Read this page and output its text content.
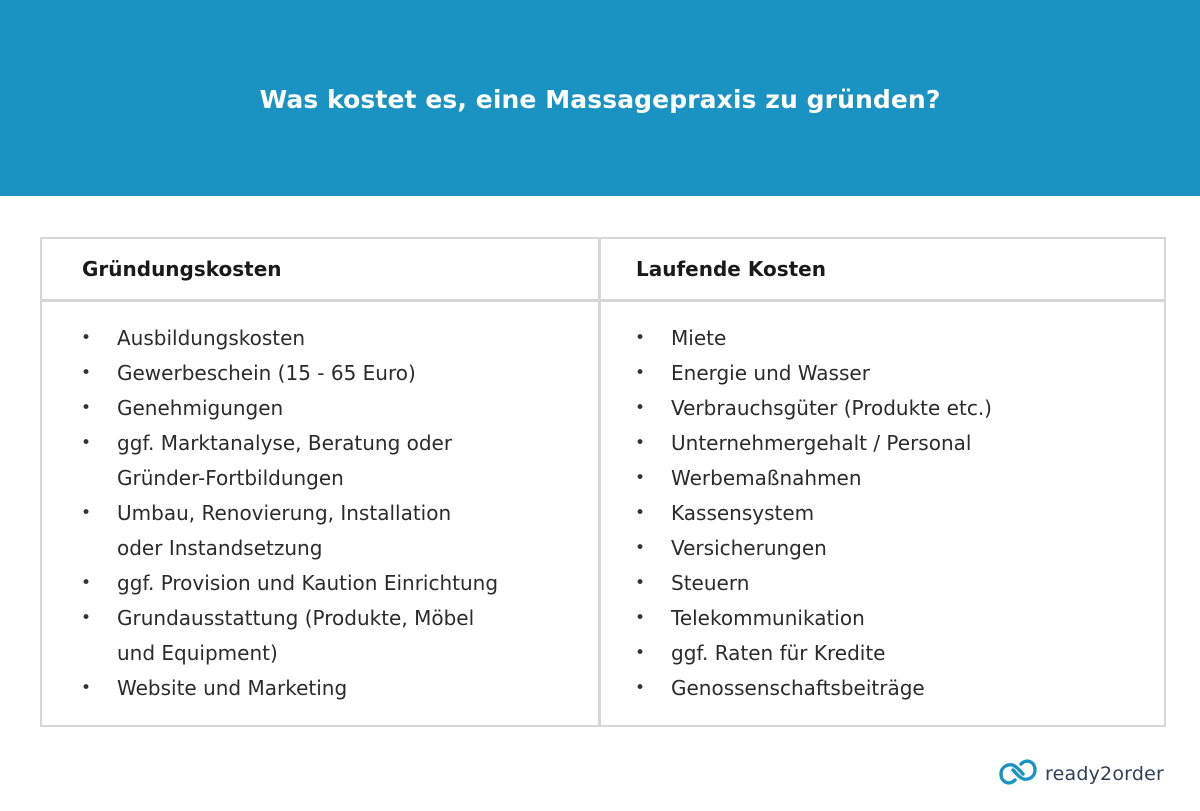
Was kostet es, eine Massagepraxis zu gründen?
Gründungskosten	Laufende Kosten
• Ausbildungskosten
• Gewerbeschein (15 - 65 Euro)
• Genehmigungen
• ggf. Marktanalyse, Beratung oder
Gründer-Fortbildungen
• Umbau, Renovierung, Installation
oder Instandsetzung
• ggf. Provision und Kaution Einrichtung
• Grundausstattung (Produkte, Möbel
und Equipment)
• Website und Marketing
• Miete
• Energie und Wasser
• Verbrauchsgüter (Produkte etc.)
• Unternehmergehalt / Personal
• Werbemaßnahmen
• Kassensystem
• Versicherungen
• Steuern
• Telekommunikation
• ggf. Raten für Kredite
• Genossenschaftsbeiträge
ready2order
